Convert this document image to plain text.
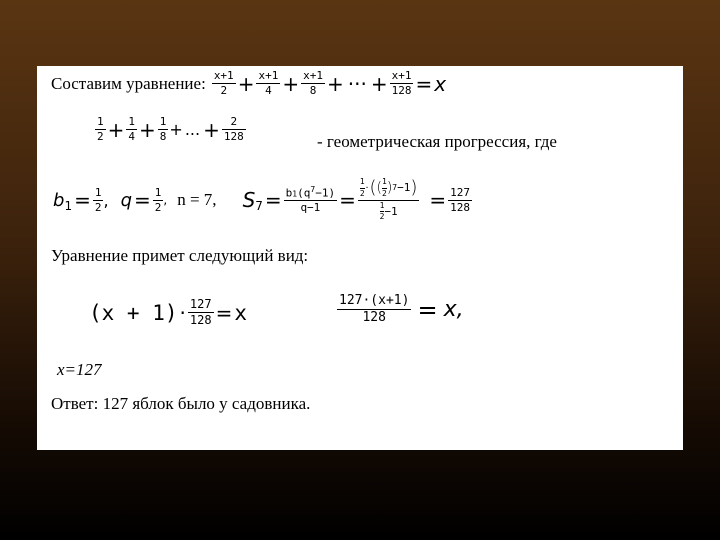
Составим уравнение: $\frac{x+1}{2} + \frac{x+1}{4} + \frac{x+1}{8}$ + ··· + $\frac{x+1}{128} = x$
$\frac{1}{2} + \frac{1}{4} + \frac{1}{8}$ + ... + $\frac{2}{128}$	- геометрическая прогрессия, где
b $1 = \frac{1}{2}$ , $q = \frac{1}{2}$ , n = 7, S $7 = \frac{b1(q^7-1)}{q-1} = \frac{1}{2}$ · ( ( $\frac{1}{2}$ ) 7 −1 )
$\frac{1}{2} -1 = \frac{127}{128}$
Уравнение примет следующий вид:
$(x + 1) \cdot \frac{127}{128} = x$	$\frac{127\cdot(x+1)}{128} = x$,
x=127
Ответ: 127 яблок было у садовника.
